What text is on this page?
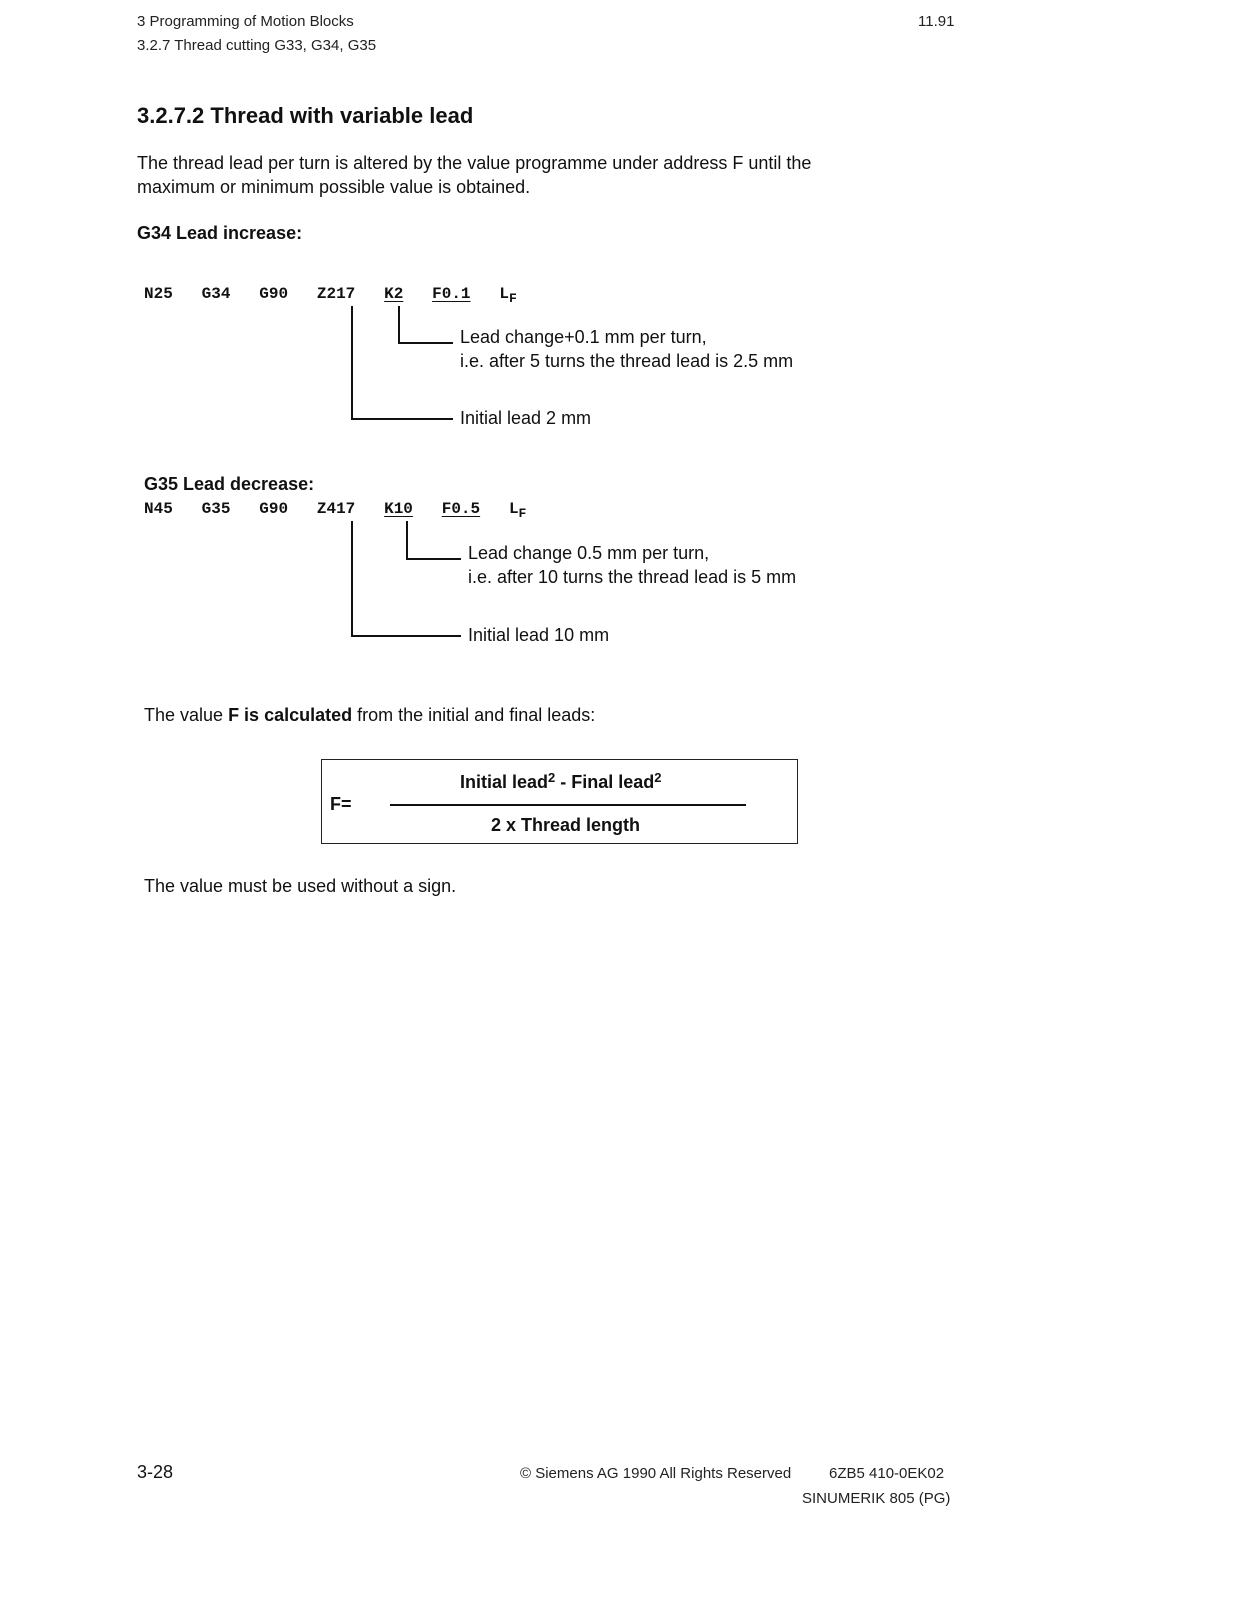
3 Programming of Motion Blocks
3.2.7 Thread cutting G33, G34, G35
11.91
3.2.7.2 Thread with variable lead
The thread lead per turn is altered by the value programme under address F until the
maximum or minimum possible value is obtained.
G34 Lead increase:
N25 G34 G90 Z217 K2 F0.1 $L_F$
Lead change+0.1 mm per turn,
i.e. after 5 turns the thread lead is 2.5 mm
Initial lead 2 mm
G35 Lead decrease:
N45 G35 G90 Z417 K10 F0.5 $L_F$
Lead change 0.5 mm per turn,
i.e. after 10 turns the thread lead is 5 mm
Initial lead 10 mm
The value F is calculated from the initial and final leads:
F=
Initial lead$^2$ - Final lead$^2$
2 x Thread length
The value must be used without a sign.
3-28	© Siemens AG 1990 All Rights Reserved	6ZB5 410-0EK02
SINUMERIK 805 (PG)
